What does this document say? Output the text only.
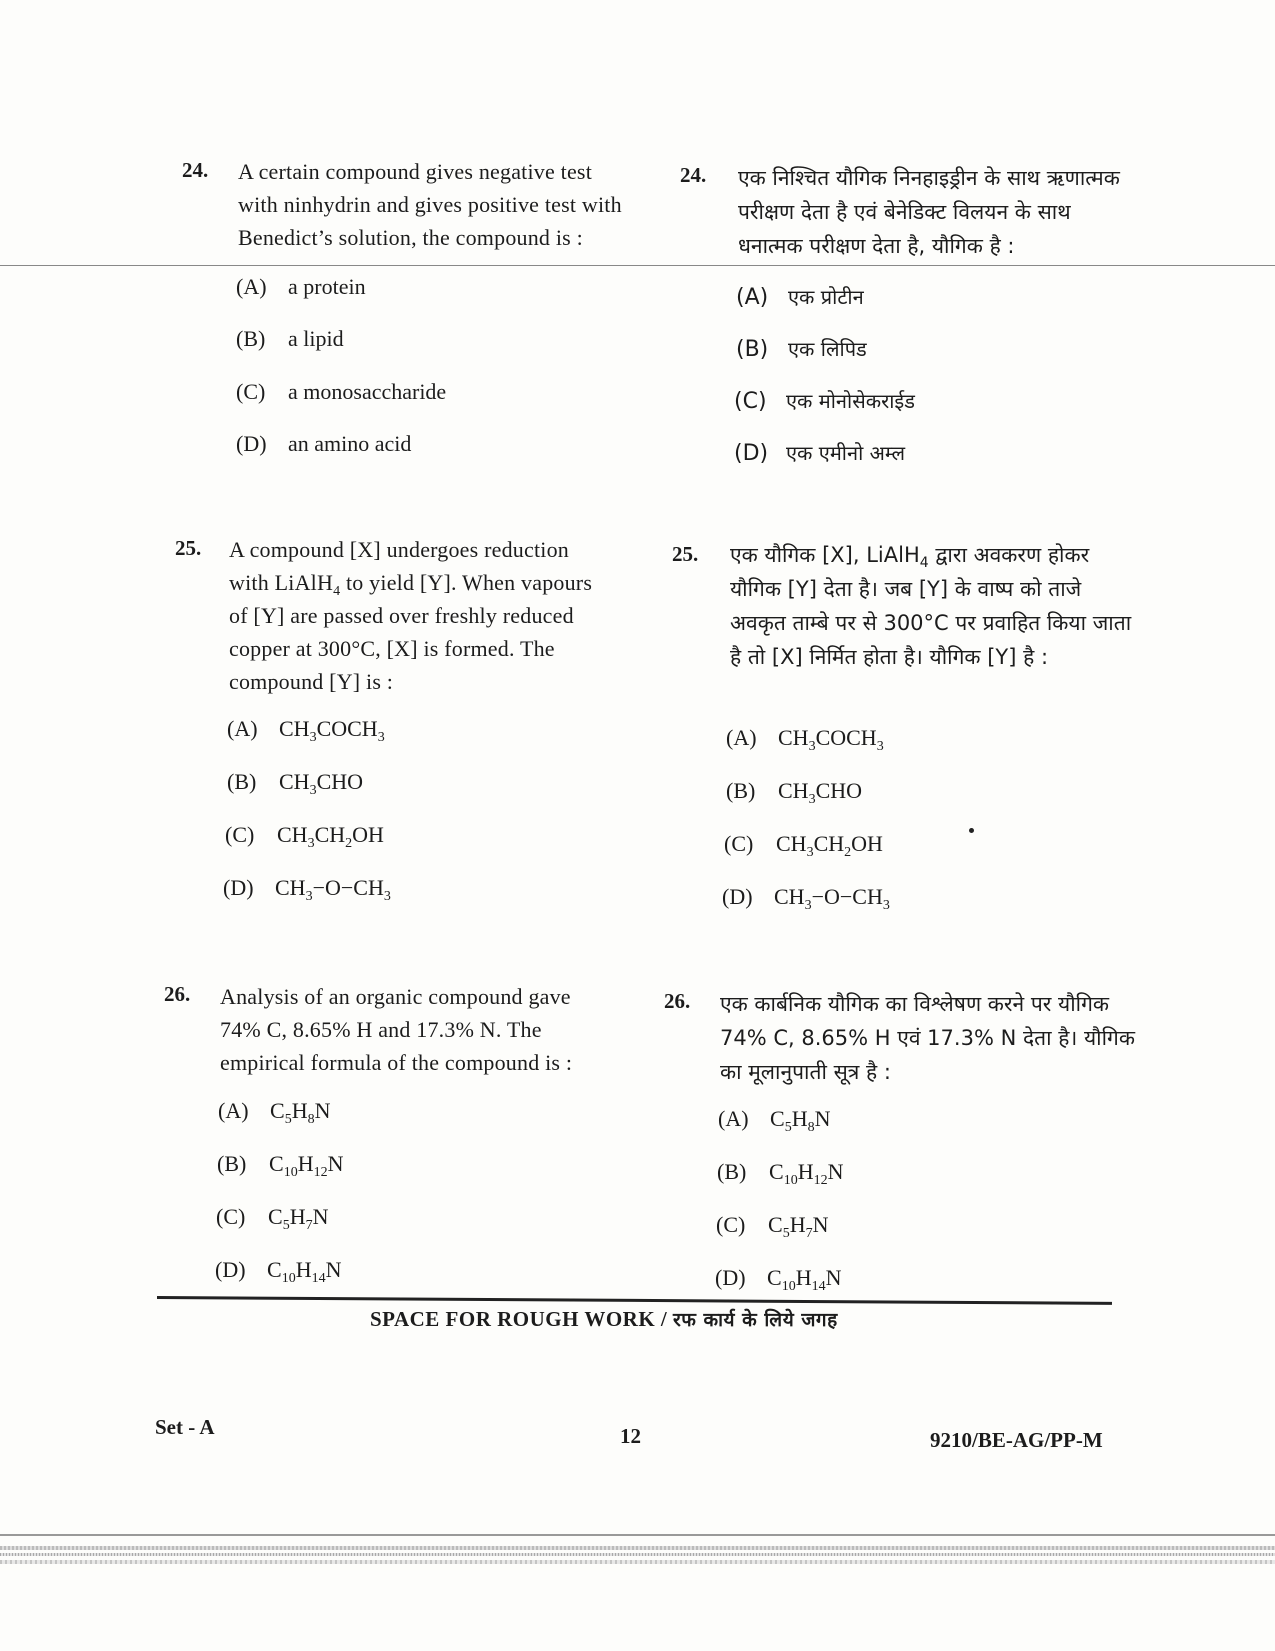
24. A certain compound gives negative test
with ninhydrin and gives positive test with
Benedict’s solution, the compound is :
24. एक निश्चित यौगिक निनहाइड्रीन के साथ ऋणात्मक
परीक्षण देता है एवं बेनेडिक्ट विलयन के साथ
धनात्मक परीक्षण देता है, यौगिक है :
(A) a protein
(B) a lipid
(C) a monosaccharide
(D) an amino acid
(A) एक प्रोटीन
(B) एक लिपिड
(C) एक मोनोसेकराईड
(D) एक एमीनो अम्ल
25. A compound [X] undergoes reduction
with LiAlH$_4$ to yield [Y]. When vapours
of [Y] are passed over freshly reduced
copper at 300°C, [X] is formed. The
compound [Y] is :
25. एक यौगिक [X], LiAlH$_4$ द्वारा अवकरण होकर
यौगिक [Y] देता है। जब [Y] के वाष्प को ताजे
अवकृत ताम्बे पर से 300°C पर प्रवाहित किया जाता
है तो [X] निर्मित होता है। यौगिक [Y] है :
(A) $CH_3COCH_3$
(B) $CH_3CHO$
(C) $CH_3CH_2OH$
(D) $CH_3-O-CH_3$
(A) $CH_3COCH_3$
(B) $CH_3CHO$
(C) $CH_3CH_2OH$
(D) $CH_3-O-CH_3$
26. Analysis of an organic compound gave
74% C, 8.65% H and 17.3% N. The
empirical formula of the compound is :
26. एक कार्बनिक यौगिक का विश्लेषण करने पर यौगिक
74% C, 8.65% H एवं 17.3% N देता है। यौगिक
का मूलानुपाती सूत्र है :
(A) $C_5H_8N$
(B) $C_{10}H_{12}N$
(C) $C_5H_7N$
(D) $C_{10}H_{14}N$
(A) $C_5H_8N$
(B) $C_{10}H_{12}N$
(C) $C_5H_7N$
(D) $C_{10}H_{14}N$
SPACE FOR ROUGH WORK / रफ कार्य के लिये जगह
Set - A	12	9210/BE-AG/PP-M
